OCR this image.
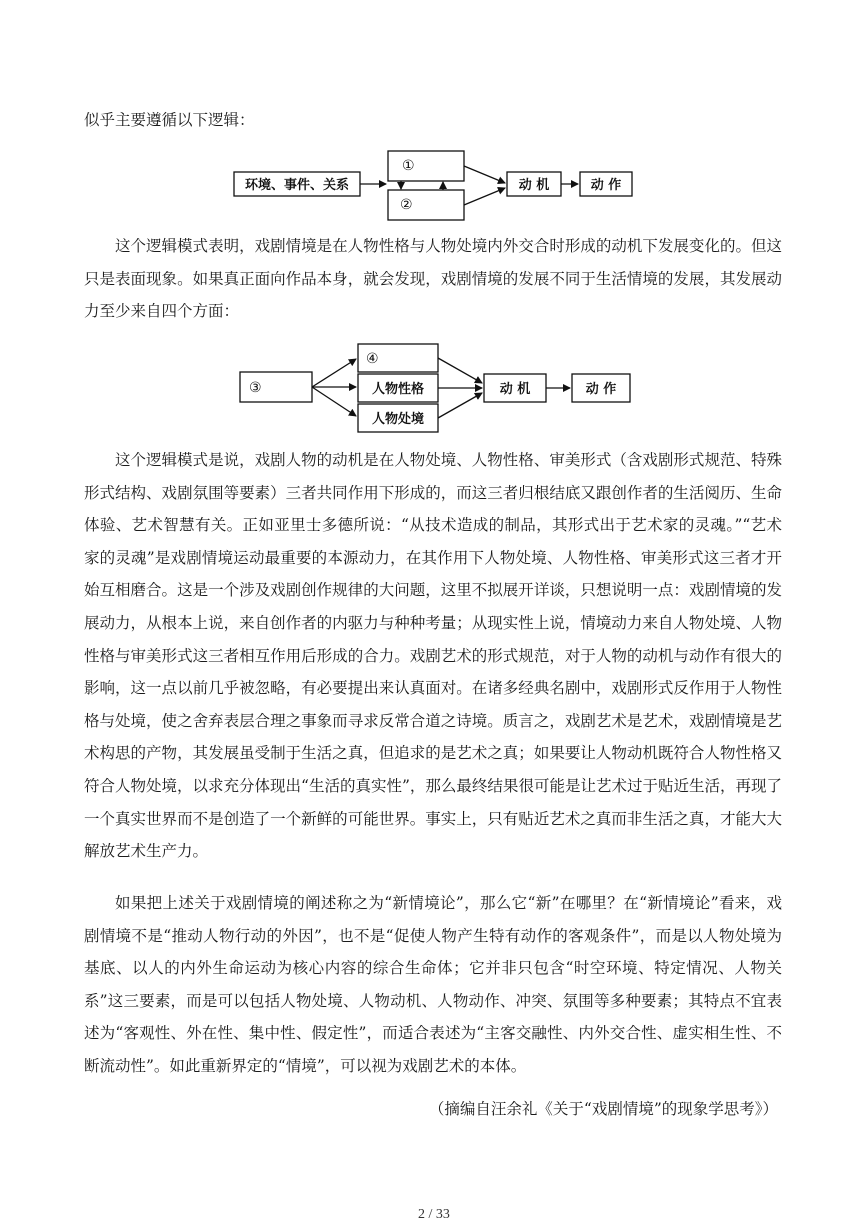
似乎主要遵循以下逻辑：
环境、事件、关系
①
②
动 机	动 作
这个逻辑模式表明，戏剧情境是在人物性格与人物处境内外交合时形成的动机下发展变化的。但这只是表面现象。如果真正面向作品本身，就会发现，戏剧情境的发展不同于生活情境的发展，其发展动力至少来自四个方面：
③
④
人物性格
人物处境
动 机	动 作
这个逻辑模式是说，戏剧人物的动机是在人物处境、人物性格、审美形式（含戏剧形式规范、特殊形式结构、戏剧氛围等要素）三者共同作用下形成的，而这三者归根结底又跟创作者的生活阅历、生命体验、艺术智慧有关。正如亚里士多德所说：“从技术造成的制品，其形式出于艺术家的灵魂。”“艺术家的灵魂”是戏剧情境运动最重要的本源动力，在其作用下人物处境、人物性格、审美形式这三者才开始互相磨合。这是一个涉及戏剧创作规律的大问题，这里不拟展开详谈，只想说明一点：戏剧情境的发展动力，从根本上说，来自创作者的内驱力与种种考量；从现实性上说，情境动力来自人物处境、人物性格与审美形式这三者相互作用后形成的合力。戏剧艺术的形式规范，对于人物的动机与动作有很大的影响，这一点以前几乎被忽略，有必要提出来认真面对。在诸多经典名剧中，戏剧形式反作用于人物性格与处境，使之舍弃表层合理之事象而寻求反常合道之诗境。质言之，戏剧艺术是艺术，戏剧情境是艺术构思的产物，其发展虽受制于生活之真，但追求的是艺术之真；如果要让人物动机既符合人物性格又符合人物处境，以求充分体现出“生活的真实性”，那么最终结果很可能是让艺术过于贴近生活，再现了一个真实世界而不是创造了一个新鲜的可能世界。事实上，只有贴近艺术之真而非生活之真，才能大大解放艺术生产力。
如果把上述关于戏剧情境的阐述称之为“新情境论”，那么它“新”在哪里？在“新情境论”看来，戏剧情境不是“推动人物行动的外因”，也不是“促使人物产生特有动作的客观条件”，而是以人物处境为基底、以人的内外生命运动为核心内容的综合生命体；它并非只包含“时空环境、特定情况、人物关系”这三要素，而是可以包括人物处境、人物动机、人物动作、冲突、氛围等多种要素；其特点不宜表述为“客观性、外在性、集中性、假定性”，而适合表述为“主客交融性、内外交合性、虚实相生性、不断流动性”。如此重新界定的“情境”，可以视为戏剧艺术的本体。
（摘编自汪余礼《关于“戏剧情境”的现象学思考》）
2 / 33
